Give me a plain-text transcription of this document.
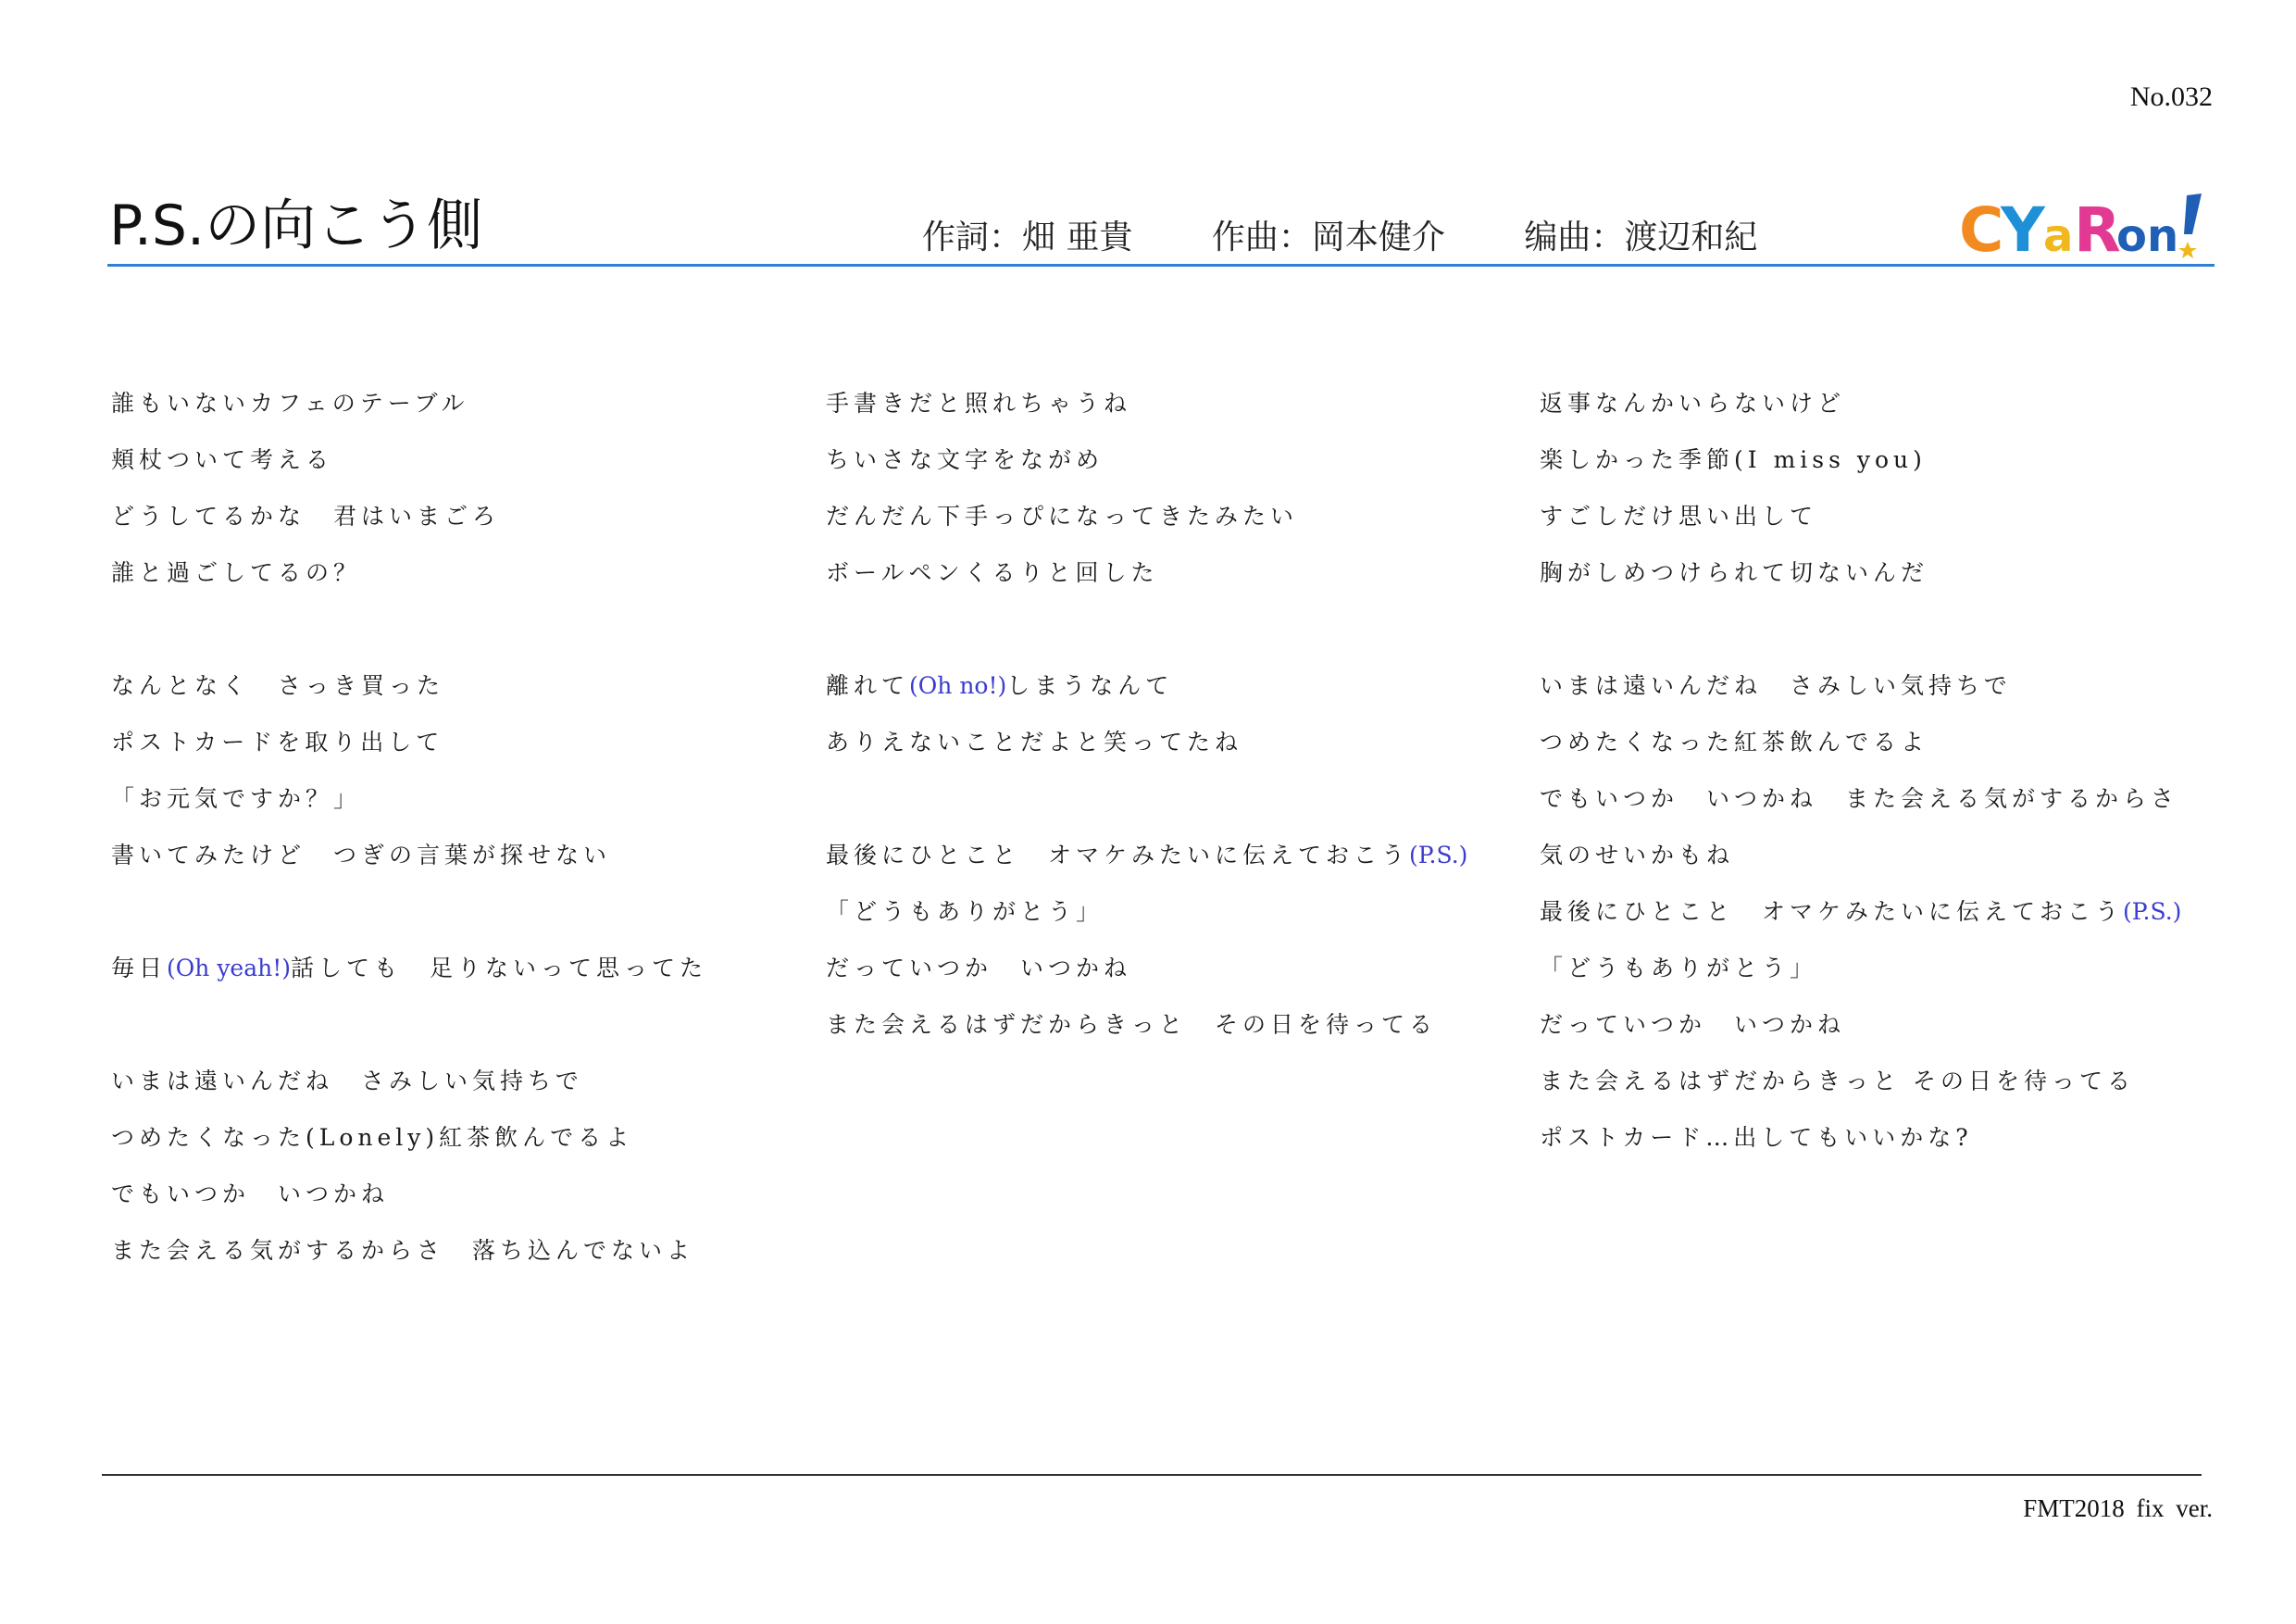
No.032
P.S.の向こう側	作詞：畑 亜貴 作曲：岡本健介 编曲：渡辺和紀	C
Y
a R
on
誰もいないカフェのテーブル
頬杖ついて考える
どうしてるかな　君はいまごろ
誰と過ごしてるの？
なんとなく　さっき買った
ポストカードを取り出して
「お元気ですか？」
書いてみたけど　つぎの言葉が探せない
毎日(Oh yeah!)話しても　足りないって思ってた
いまは遠いんだね　さみしい気持ちで
つめたくなった(Lonely)紅茶飲んでるよ
でもいつか　いつかね
また会える気がするからさ　落ち込んでないよ
手書きだと照れちゃうね
ちいさな文字をながめ
だんだん下手っぴになってきたみたい
ボールペンくるりと回した
離れて(Oh no!)しまうなんて
ありえないことだよと笑ってたね
最後にひとこと　オマケみたいに伝えておこう(P.S.)
「どうもありがとう」
だっていつか　いつかね
また会えるはずだからきっと　その日を待ってる
返事なんかいらないけど
楽しかった季節(I miss you)
すごしだけ思い出して
胸がしめつけられて切ないんだ
いまは遠いんだね　さみしい気持ちで
つめたくなった紅茶飲んでるよ
でもいつか　いつかね　また会える気がするからさ
気のせいかもね
最後にひとこと　オマケみたいに伝えておこう(P.S.)
「どうもありがとう」
だっていつか　いつかね
また会えるはずだからきっと その日を待ってる
ポストカード…出してもいいかな?
FMT2018 fix ver.
